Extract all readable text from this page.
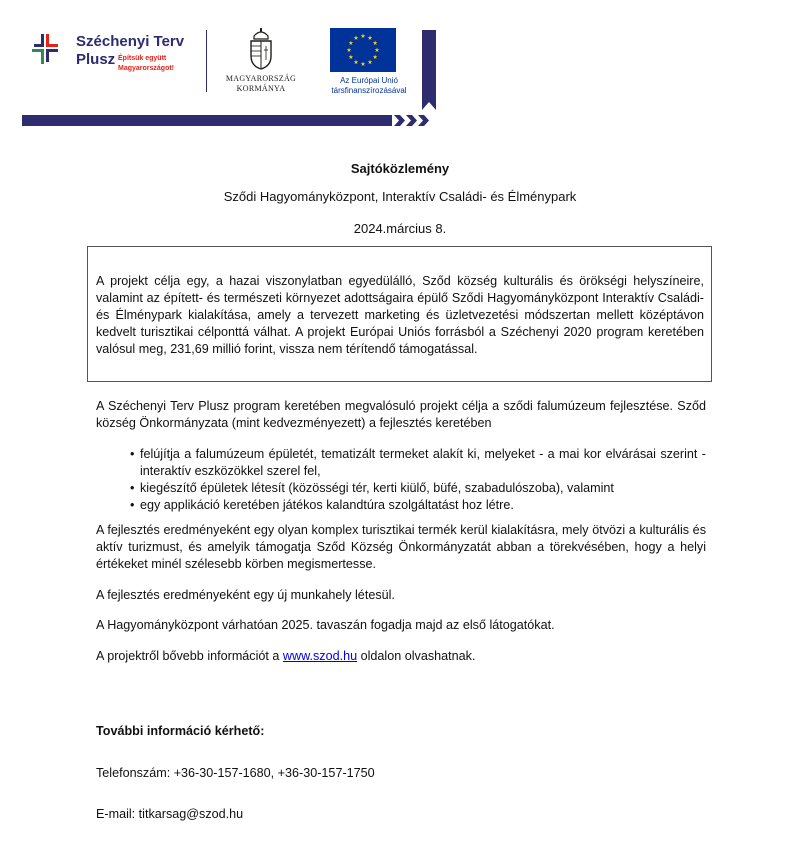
Széchenyi Terv
Plusz Építsük együtt Magyarországot!
MAGYARORSZÁG
KORMÁNYA
Az Európai Unió társfinanszírozásával
Sajtóközlemény
Sződi Hagyományközpont, Interaktív Családi- és Élménypark
2024.március 8.

A projekt célja egy, a hazai viszonylatban egyedülálló, Sződ község kulturális és örökségi helyszíneire, valamint az épített- és természeti környezet adottságaira épülő Sződi Hagyományközpont Interaktív Családi- és Élménypark kialakítása, amely a tervezett marketing és üzletvezetési módszertan mellett középtávon kedvelt turisztikai célponttá válhat. A projekt Európai Uniós forrásból a Széchenyi 2020 program keretében valósul meg, 231,69 millió forint, vissza nem térítendő támogatással.

A Széchenyi Terv Plusz program keretében megvalósuló projekt célja a sződi falumúzeum fejlesztése. Sződ község Önkormányzata (mint kedvezményezett) a fejlesztés keretében

• felújítja a falumúzeum épületét, tematizált termeket alakít ki, melyeket - a mai kor elvárásai szerint - interaktív eszközökkel szerel fel,
• kiegészítő épületek létesít (közösségi tér, kerti kiülő, büfé, szabadulószoba), valamint
• egy applikáció keretében játékos kalandtúra szolgáltatást hoz létre.

A fejlesztés eredményeként egy olyan komplex turisztikai termék kerül kialakításra, mely ötvözi a kulturális és aktív turizmust, és amelyik támogatja Sződ Község Önkormányzatát abban a törekvésében, hogy a helyi értékeket minél szélesebb körben megismertesse.

A fejlesztés eredményeként egy új munkahely létesül.

A Hagyományközpont várhatóan 2025. tavaszán fogadja majd az első látogatókat.

A projektről bővebb információt a www.szod.hu oldalon olvashatnak.

További információ kérhető:

Telefonszám: +36-30-157-1680, +36-30-157-1750

E-mail: titkarsag@szod.hu
